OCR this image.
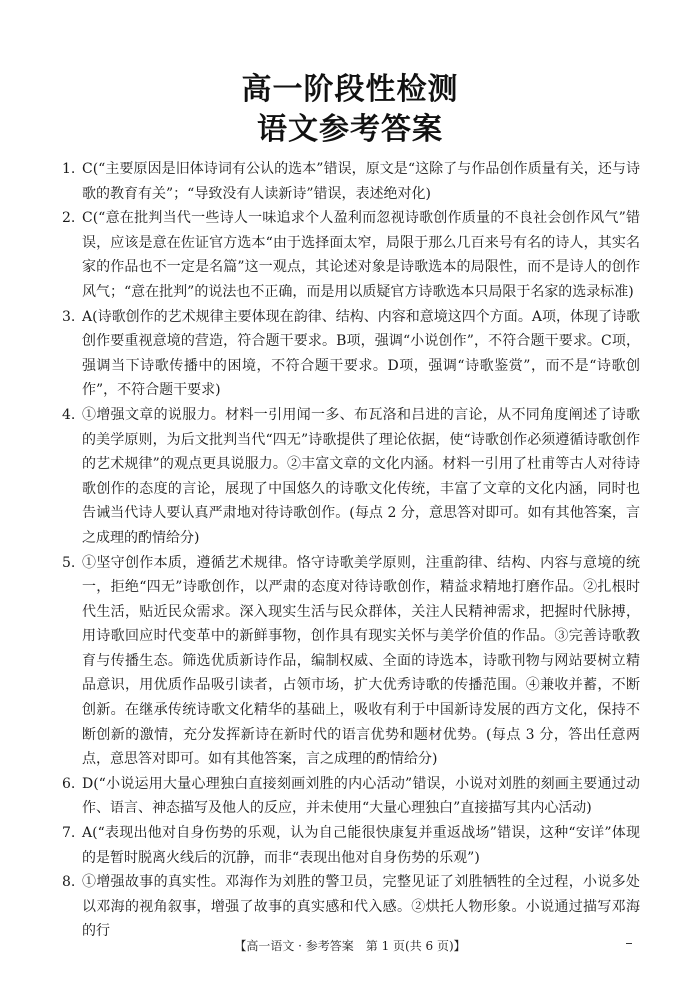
高一阶段性检测
语文参考答案

1. C(“主要原因是旧体诗词有公认的选本”错误，原文是“这除了与作品创作质量有关，还与诗歌的教育有关”；“导致没有人读新诗”错误，表述绝对化)

2. C(“意在批判当代一些诗人一味追求个人盈利而忽视诗歌创作质量的不良社会创作风气”错误，应该是意在佐证官方选本“由于选择面太窄，局限于那么几百来号有名的诗人，其实名家的作品也不一定是名篇”这一观点，其论述对象是诗歌选本的局限性，而不是诗人的创作风气；“意在批判”的说法也不正确，而是用以质疑官方诗歌选本只局限于名家的选录标准)

3. A(诗歌创作的艺术规律主要体现在韵律、结构、内容和意境这四个方面。A项，体现了诗歌创作要重视意境的营造，符合题干要求。B项，强调“小说创作”，不符合题干要求。C项，强调当下诗歌传播中的困境，不符合题干要求。D项，强调“诗歌鉴赏”，而不是“诗歌创作”，不符合题干要求)

4. ①增强文章的说服力。材料一引用闻一多、布瓦洛和吕进的言论，从不同角度阐述了诗歌的美学原则，为后文批判当代“四无”诗歌提供了理论依据，使“诗歌创作必须遵循诗歌创作的艺术规律”的观点更具说服力。②丰富文章的文化内涵。材料一引用了杜甫等古人对待诗歌创作的态度的言论，展现了中国悠久的诗歌文化传统，丰富了文章的文化内涵，同时也告诫当代诗人要认真严肃地对待诗歌创作。(每点 2 分，意思答对即可。如有其他答案，言之成理的酌情给分)

5. ①坚守创作本质，遵循艺术规律。恪守诗歌美学原则，注重韵律、结构、内容与意境的统一，拒绝“四无”诗歌创作，以严肃的态度对待诗歌创作，精益求精地打磨作品。②扎根时代生活，贴近民众需求。深入现实生活与民众群体，关注人民精神需求，把握时代脉搏，用诗歌回应时代变革中的新鲜事物，创作具有现实关怀与美学价值的作品。③完善诗歌教育与传播生态。筛选优质新诗作品，编制权威、全面的诗选本，诗歌刊物与网站要树立精品意识，用优质作品吸引读者，占领市场，扩大优秀诗歌的传播范围。④兼收并蓄，不断创新。在继承传统诗歌文化精华的基础上，吸收有利于中国新诗发展的西方文化，保持不断创新的激情，充分发挥新诗在新时代的语言优势和题材优势。(每点 3 分，答出任意两点，意思答对即可。如有其他答案，言之成理的酌情给分)

6. D(“小说运用大量心理独白直接刻画刘胜的内心活动”错误，小说对刘胜的刻画主要通过动作、语言、神态描写及他人的反应，并未使用“大量心理独白”直接描写其内心活动)

7. A(“表现出他对自身伤势的乐观，认为自己能很快康复并重返战场”错误，这种“安详”体现的是暂时脱离火线后的沉静，而非“表现出他对自身伤势的乐观”)

8. ①增强故事的真实性。邓海作为刘胜的警卫员，完整见证了刘胜牺牲的全过程，小说多处以邓海的视角叙事，增强了故事的真实感和代入感。②烘托人物形象。小说通过描写邓海的行

【高一语文 · 参考答案　第 1 页(共 6 页)】
